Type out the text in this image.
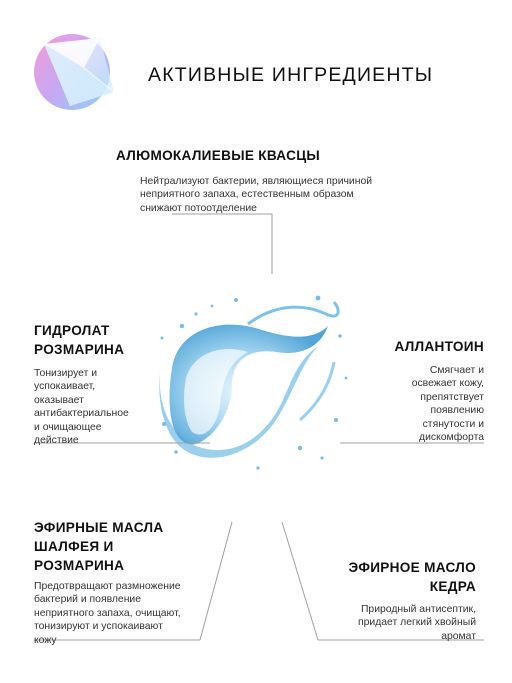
АКТИВНЫЕ ИНГРЕДИЕНТЫ
АЛЮМОКАЛИЕВЫЕ КВАСЦЫ
Нейтрализуют бактерии, являющиеся причиной
неприятного запаха, естественным образом
снижают потоотделение
ГИДРОЛАТ
РОЗМАРИНА
Тонизирует и
успокаивает,
оказывает
антибактериальное
и очищающее
действие
АЛЛАНТОИН
Смягчает и
освежает кожу,
препятствует
появлению
стянутости и
дискомфорта
ЭФИРНЫЕ МАСЛА
ШАЛФЕЯ И
РОЗМАРИНА
Предотвращают размножение
бактерий и появление
неприятного запаха, очищают,
тонизируют и успокаивают
кожу
ЭФИРНОЕ МАСЛО
КЕДРА
Природный антисептик,
придает легкий хвойный
аромат
